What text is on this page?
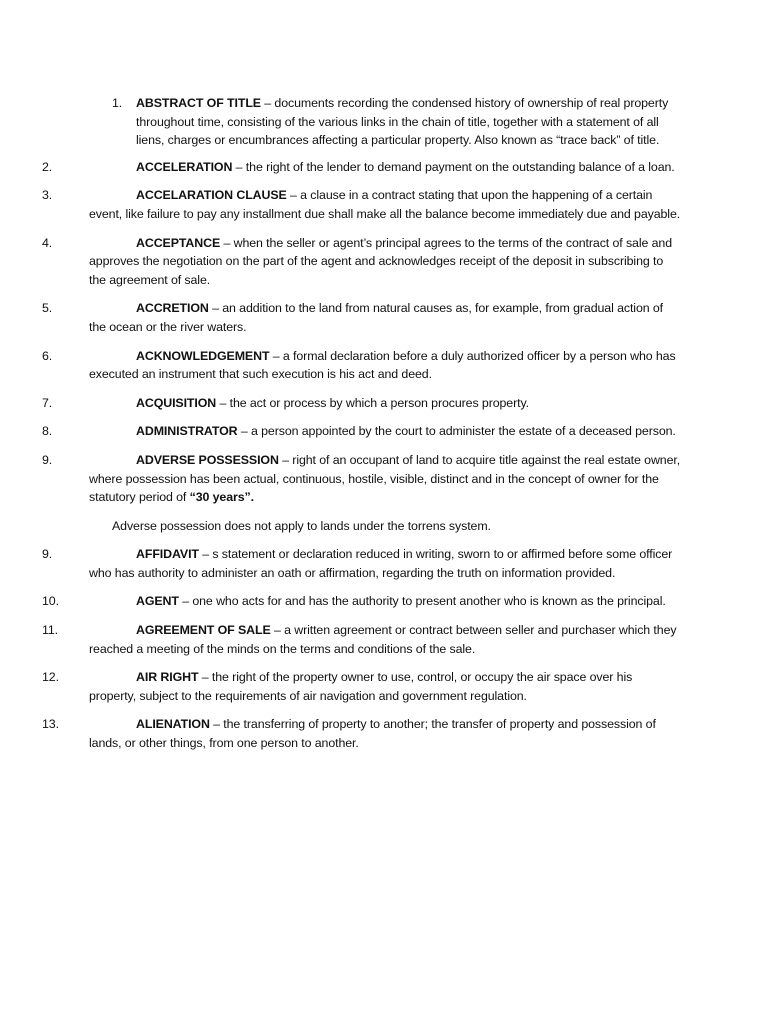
1. ABSTRACT OF TITLE – documents recording the condensed history of ownership of real property throughout time, consisting of the various links in the chain of title, together with a statement of all liens, charges or encumbrances affecting a particular property. Also known as “trace back” of title.
2.	ACCELERATION – the right of the lender to demand payment on the outstanding balance of a loan.
3.	ACCELARATION CLAUSE – a clause in a contract stating that upon the happening of a certain event, like failure to pay any installment due shall make all the balance become immediately due and payable.
4.	ACCEPTANCE – when the seller or agent’s principal agrees to the terms of the contract of sale and approves the negotiation on the part of the agent and acknowledges receipt of the deposit in subscribing to the agreement of sale.
5.	ACCRETION – an addition to the land from natural causes as, for example, from gradual action of the ocean or the river waters.
6.	ACKNOWLEDGEMENT – a formal declaration before a duly authorized officer by a person who has executed an instrument that such execution is his act and deed.
7.	ACQUISITION – the act or process by which a person procures property.
8.	ADMINISTRATOR – a person appointed by the court to administer the estate of a deceased person.
9.	ADVERSE POSSESSION – right of an occupant of land to acquire title against the real estate owner, where possession has been actual, continuous, hostile, visible, distinct and in the concept of owner for the statutory period of “30 years”.
Adverse possession does not apply to lands under the torrens system.
9.	AFFIDAVIT – s statement or declaration reduced in writing, sworn to or affirmed before some officer who has authority to administer an oath or affirmation, regarding the truth on information provided.
10.	AGENT – one who acts for and has the authority to present another who is known as the principal.
11.	AGREEMENT OF SALE – a written agreement or contract between seller and purchaser which they reached a meeting of the minds on the terms and conditions of the sale.
12.	AIR RIGHT – the right of the property owner to use, control, or occupy the air space over his property, subject to the requirements of air navigation and government regulation.
13.	ALIENATION – the transferring of property to another; the transfer of property and possession of lands, or other things, from one person to another.
